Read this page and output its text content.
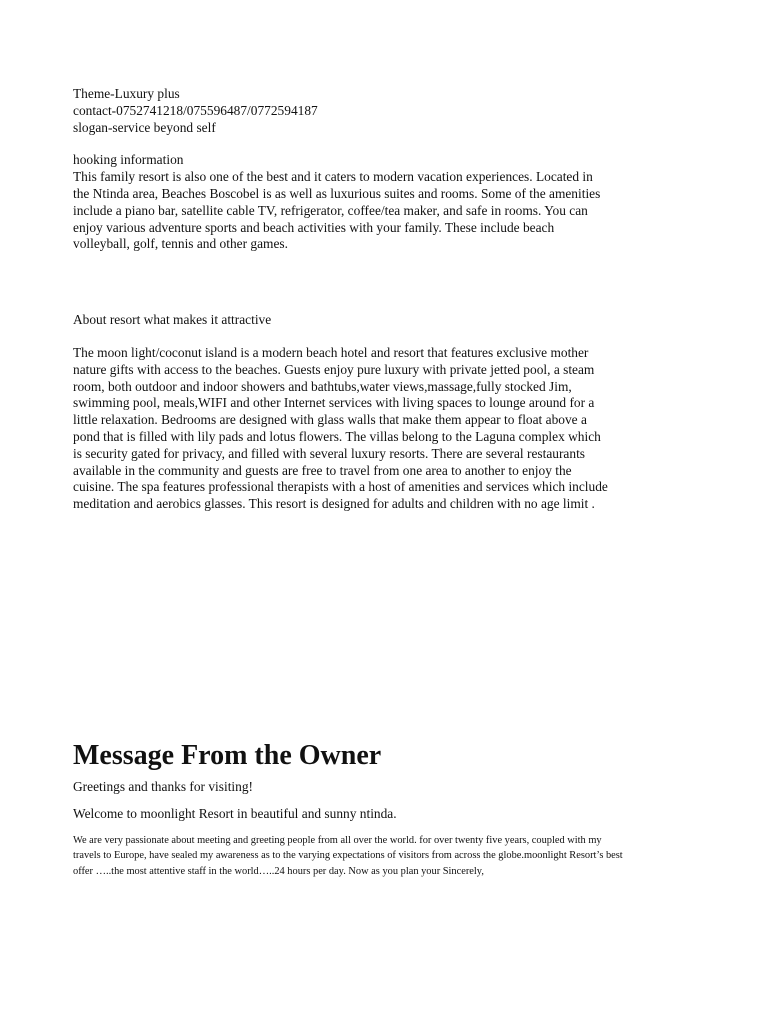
Theme-Luxury plus
contact-0752741218/075596487/0772594187
slogan-service beyond self
hooking information
This family resort is also one of the best and it caters to modern vacation experiences. Located in
the Ntinda area, Beaches Boscobel is as well as luxurious suites and rooms. Some of the amenities
include a piano bar, satellite cable TV, refrigerator, coffee/tea maker, and safe in rooms. You can
enjoy various adventure sports and beach activities with your family. These include beach
volleyball, golf, tennis and other games.
About resort what makes it attractive
The moon light/coconut island is a modern beach hotel and resort that features exclusive mother
nature gifts with access to the beaches. Guests enjoy pure luxury with private jetted pool, a steam
room, both outdoor and indoor showers and bathtubs,water views,massage,fully stocked Jim,
swimming pool, meals,WIFI and other Internet services with living spaces to lounge around for a
little relaxation. Bedrooms are designed with glass walls that make them appear to float above a
pond that is filled with lily pads and lotus flowers. The villas belong to the Laguna complex which
is security gated for privacy, and filled with several luxury resorts. There are several restaurants
available in the community and guests are free to travel from one area to another to enjoy the
cuisine. The spa features professional therapists with a host of amenities and services which include
meditation and aerobics glasses. This resort is designed for adults and children with no age limit .
Message From the Owner

Greetings and thanks for visiting!

Welcome to moonlight Resort in beautiful and sunny ntinda.

We are very passionate about meeting and greeting people from all over the world. for over twenty five years, coupled with my
travels to Europe, have sealed my awareness as to the varying expectations of visitors from across the globe.moonlight Resort’s best
offer …..the most attentive staff in the world…..24 hours per day. Now as you plan your Sincerely,
